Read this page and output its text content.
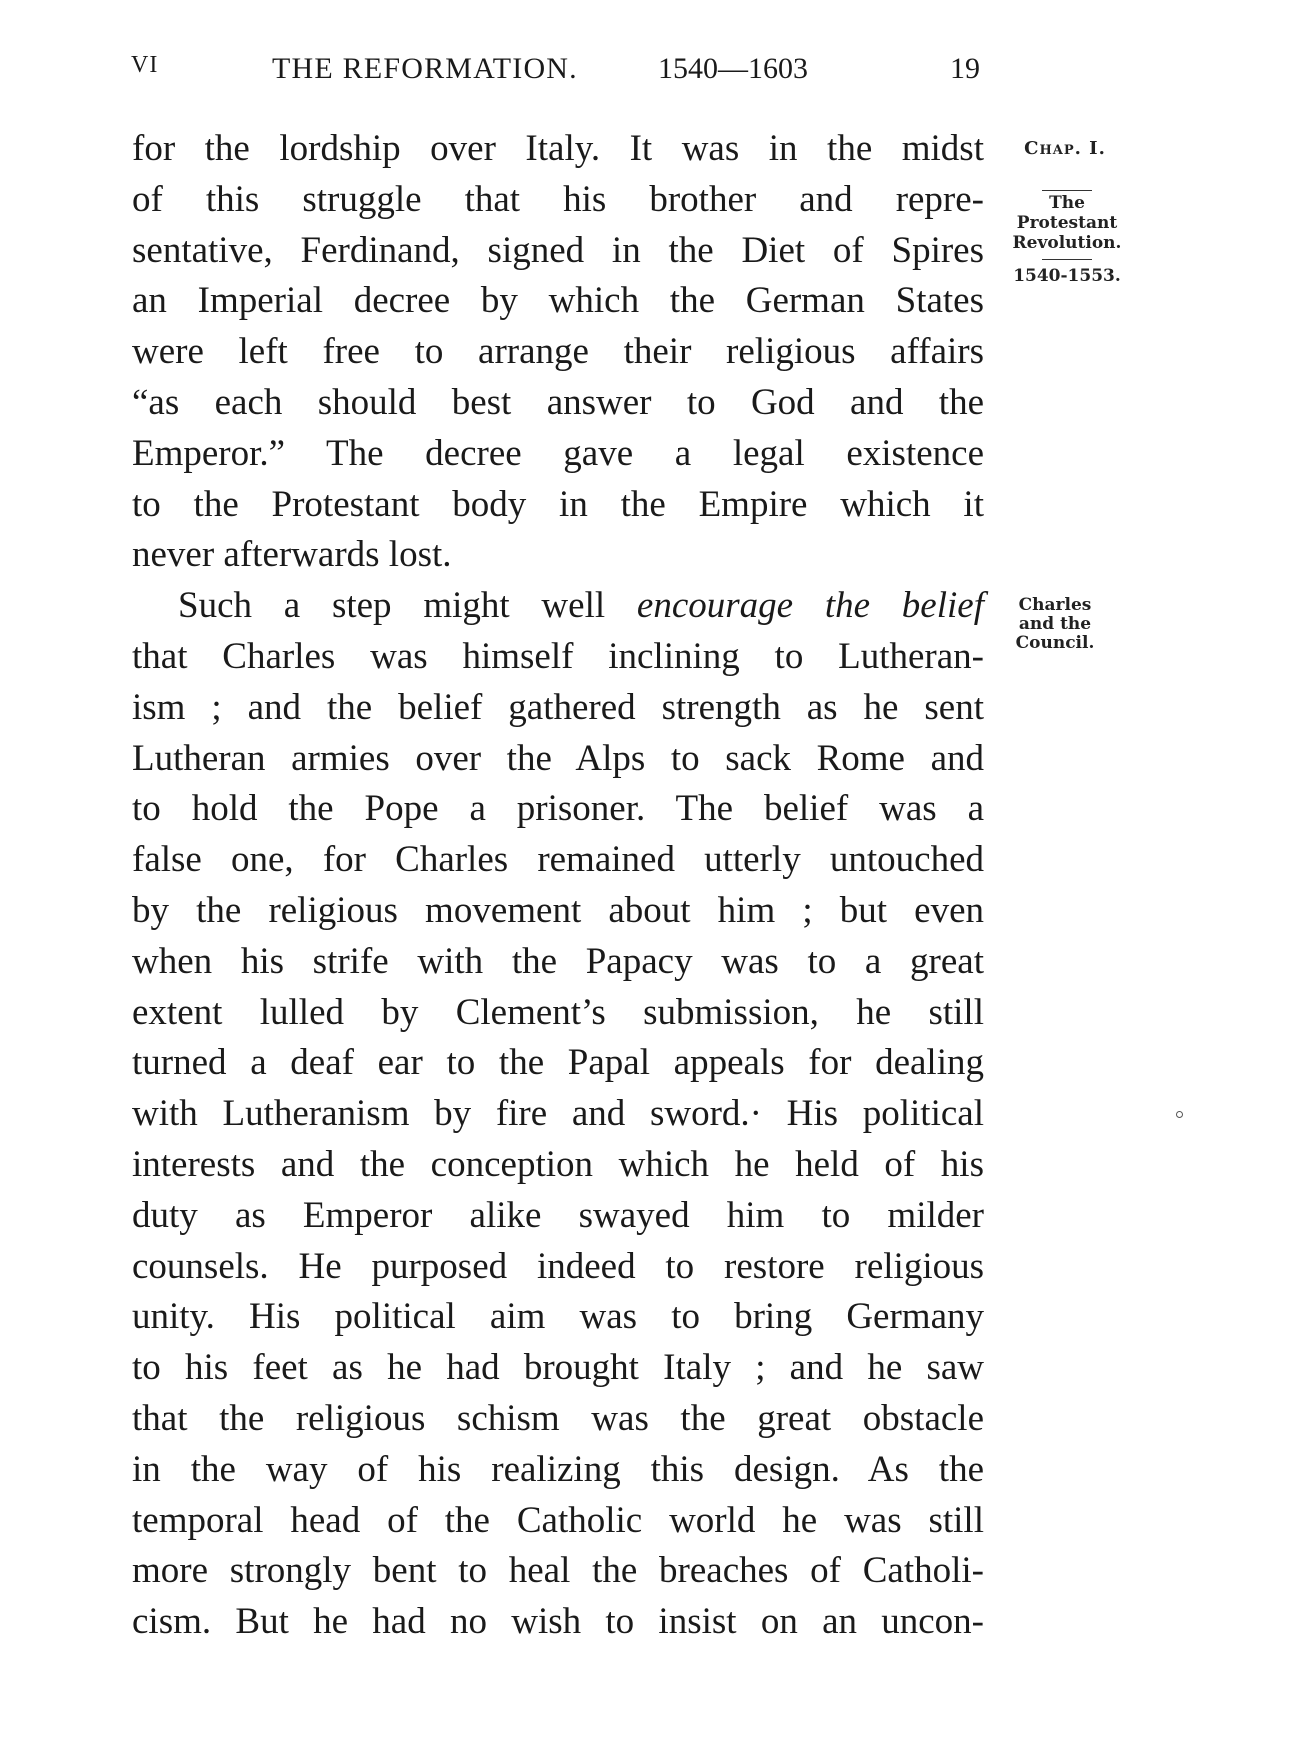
VI	THE REFORMATION.	1540—1603	19
Chap. I.
The
Protestant
Revolution.
1540-1553.
Charles
and the
Council.

for the lordship over Italy. It was in the midst

of this struggle that his brother and repre-

sentative, Ferdinand, signed in the Diet of Spires

an Imperial decree by which the German States

were left free to arrange their religious affairs

“as each should best answer to God and the

Emperor.” The decree gave a legal existence

to the Protestant body in the Empire which it

never afterwards lost.

Such a step might well encourage the belief

that Charles was himself inclining to Lutheran-

ism ; and the belief gathered strength as he sent

Lutheran armies over the Alps to sack Rome and

to hold the Pope a prisoner. The belief was a

false one, for Charles remained utterly untouched

by the religious movement about him ; but even

when his strife with the Papacy was to a great

extent lulled by Clement’s submission, he still

turned a deaf ear to the Papal appeals for dealing

with Lutheranism by fire and sword.· His political

interests and the conception which he held of his

duty as Emperor alike swayed him to milder

counsels. He purposed indeed to restore religious

unity. His political aim was to bring Germany

to his feet as he had brought Italy ; and he saw

that the religious schism was the great obstacle

in the way of his realizing this design. As the

temporal head of the Catholic world he was still

more strongly bent to heal the breaches of Catholi-

cism. But he had no wish to insist on an uncon-
